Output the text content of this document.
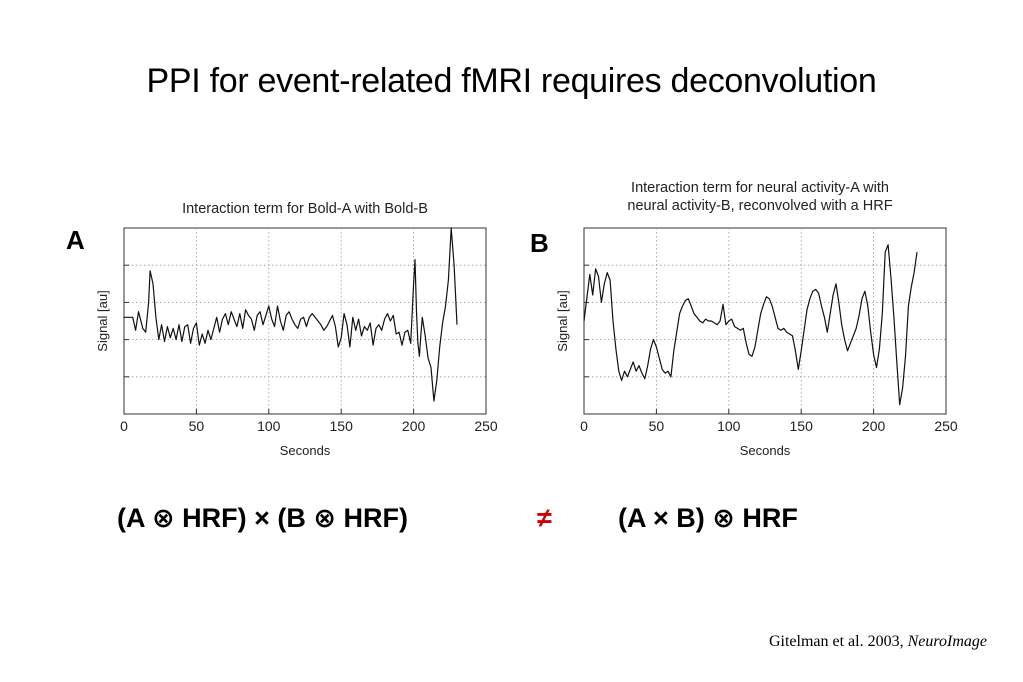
PPI for event-related fMRI requires deconvolution
A
Interaction term for Bold-A with Bold-B
0	50	100	150	200	250
Seconds
Signal [au]
B
Interaction term for neural activity-A with
neural activity-B, reconvolved with a HRF
0	50	100	150	200	250
Seconds
Signal [au]
(A ⊗ HRF) × (B ⊗ HRF)	≠ (A × B) ⊗ HRF
Gitelman et al. 2003, NeuroImage
